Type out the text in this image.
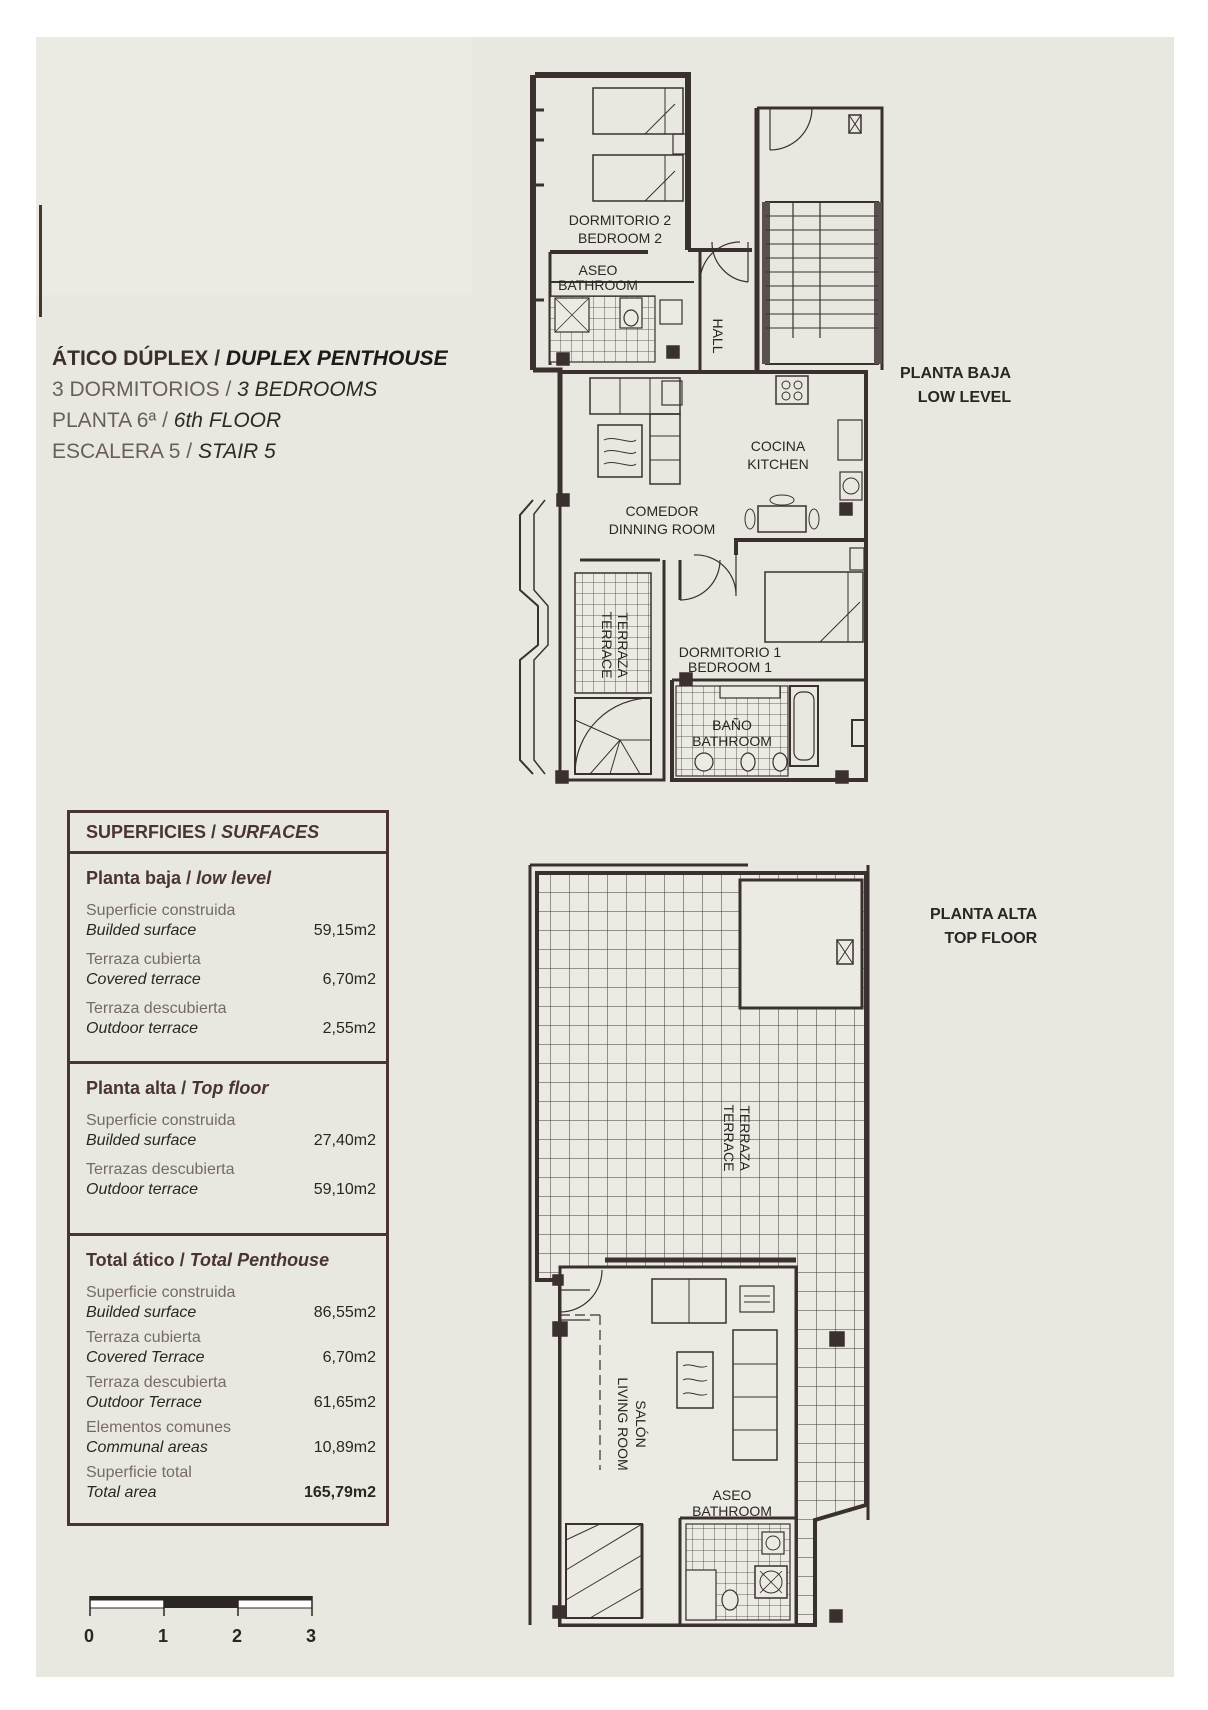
ÁTICO DÚPLEX / DUPLEX PENTHOUSE
3 DORMITORIOS / 3 BEDROOMS
PLANTA 6ª / 6th FLOOR
ESCALERA 5 / STAIR 5
SUPERFICIES / SURFACES
Planta baja / low level
Superficie construida
Builded surface	59,15m2
Terraza cubierta
Covered terrace	6,70m2
Terraza descubierta
Outdoor terrace	2,55m2
Planta alta / Top floor
Superficie construida
Builded surface	27,40m2
Terrazas descubierta
Outdoor terrace	59,10m2
Total ático / Total Penthouse
Superficie construida
Builded surface	86,55m2
Terraza cubierta
Covered Terrace	6,70m2
Terraza descubierta
Outdoor Terrace	61,65m2
Elementos comunes
Communal areas	10,89m2
Superficie total
Total area	165,79m2
PLANTA BAJA
LOW LEVEL
PLANTA ALTA
TOP FLOOR
DORMITORIO 2
BEDROOM 2
ASEO
BATHROOM
HALL
COCINA
KITCHEN
COMEDOR
DINNING ROOM
TERRAZA
TERRACE	DORMITORIO 1
BEDROOM 1
BAÑO
BATHROOM
TERRAZA
TERRACE
SALÓN
LIVING ROOM
ASEO
BATHROOM
0	1	2	3
